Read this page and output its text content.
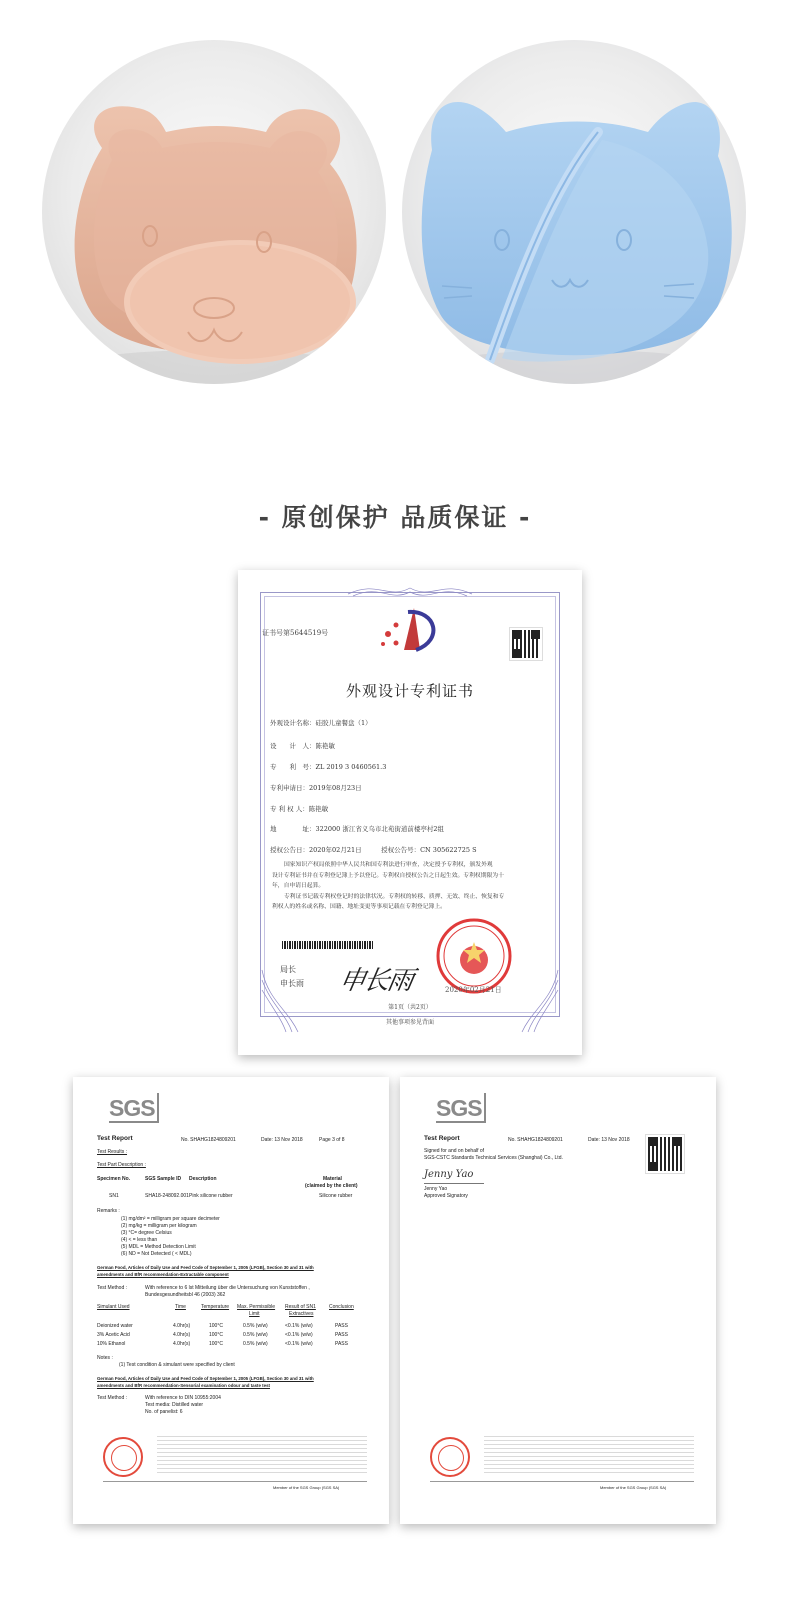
- 原创保护 品质保证 -
证书号第5644519号
外观设计专利证书
外观设计名称：硅胶儿童餐盘（1）
设　　计　人：陈艳敏
专　　利　号：ZL 2019 3 0460561.3
专利申请日：2019年08月23日
专 利 权 人：陈艳敏
地　　　　址：322000 浙江省义乌市北苑街道前楼亭村2组
授权公告日：2020年02月21日　　　授权公告号：CN 305622725 S
国家知识产权局依照中华人民共和国专利法进行审查，决定授予专利权，颁发外观
设计专利证书并在专利登记簿上予以登记。专利权自授权公告之日起生效。专利权期限为十
年，自申请日起算。
专利证书记载专利权登记时的法律状况。专利权的转移、质押、无效、终止、恢复和专
利权人的姓名或名称、国籍、地址变更等事项记载在专利登记簿上。
局长
申长雨 申长雨	2020年02月21日
第1页（共2页）
其他事项参见背面
SGS
Test Report	No. SHAHG1824809201	Date: 13 Nov 2018	Page 3 of 8
Test Results :
Test Part Description :
Specimen No.	SGS Sample ID Description	Material
(claimed by the client)
SN1	SHA18-248092.001 Pink silicone rubber	Silicone rubber
Remarks :
(1) mg/dm² = milligram per square decimeter
(2) mg/kg = milligram per kilogram
(3) °C= degree Celsius
(4) < = less than
(5) MDL = Method Detection Limit
(6) ND = Not Detected ( < MDL)
German Food, Articles of Daily Use and Feed Code of September 1, 2005 (LFGB), Section 30 and 31 with
amendments and BfR recommendation-Extractable component
Test Method :	With reference to 6 lst Mitteilung über die Untersuchung von Kunststoffen ,
Bundesgesundheitsbl 46 (2003) 362
Simulant Used	Time	Temperature Max. Permissible Result of SN1	Conclusion
Limit	Extractives
Deionized water	4.0hr(s)	100°C	0.5% (w/w)	<0.1% (w/w)	PASS
3% Acetic Acid	4.0hr(s)	100°C	0.5% (w/w)	<0.1% (w/w)	PASS
10% Ethanol	4.0hr(s)	100°C	0.5% (w/w)	<0.1% (w/w)	PASS
Notes :
(1) Test condition & simulant were specified by client
German Food, Articles of Daily Use and Feed Code of September 1, 2005 (LFGB), Section 30 and 31 with
amendments and BfR recommendation-Sensorial examination odour and taste test
Test Method :	With reference to DIN 10955:2004
Test media: Distilled water
No. of panelist: 6
Member of the SGS Group (SGS SA)
SGS
Test Report	No. SHAHG1824809201	Date: 13 Nov 2018
Signed for and on behalf of
SGS-CSTC Standards Technical Services (Shanghai) Co., Ltd.
Jenny Yao
Jenny Yao
Approved Signatory
Member of the SGS Group (SGS SA)
